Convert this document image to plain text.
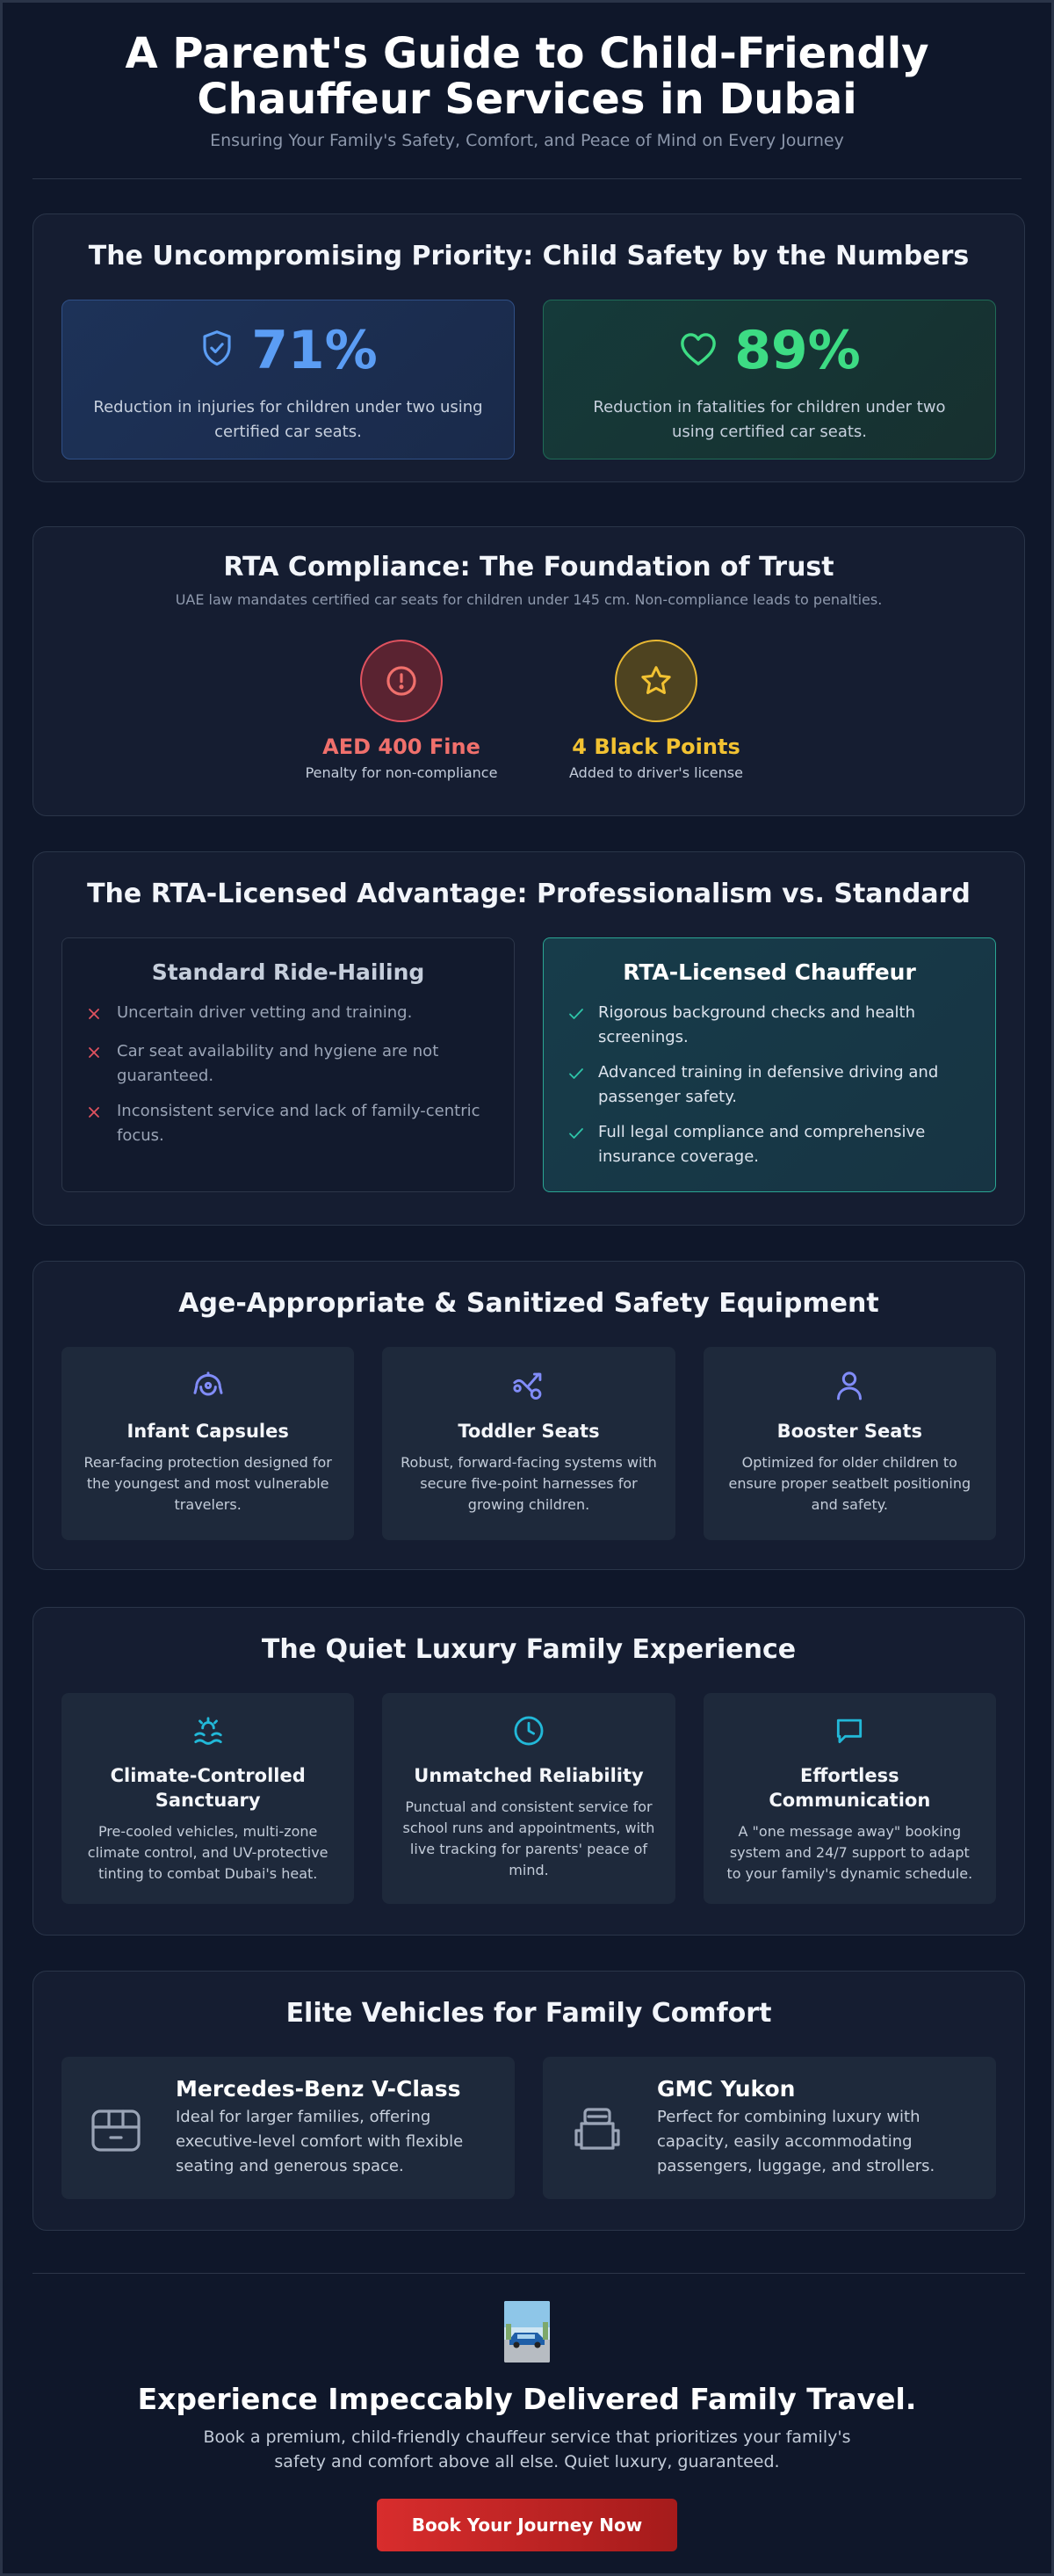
A Parent's Guide to Child-Friendly
Chauffeur Services in Dubai
Ensuring Your Family's Safety, Comfort, and Peace of Mind on Every Journey
The Uncompromising Priority: Child Safety by the Numbers
71%
Reduction in injuries for children under two using certified car seats.
89%
Reduction in fatalities for children under two using certified car seats.
RTA Compliance: The Foundation of Trust
UAE law mandates certified car seats for children under 145 cm. Non-compliance leads to penalties.
AED 400 Fine
Penalty for non-compliance
4 Black Points
Added to driver's license
The RTA-Licensed Advantage: Professionalism vs. Standard
Standard Ride-Hailing
Uncertain driver vetting and training.
Car seat availability and hygiene are not guaranteed.
Inconsistent service and lack of family-centric focus.
RTA-Licensed Chauffeur
Rigorous background checks and health screenings.
Advanced training in defensive driving and passenger safety.
Full legal compliance and comprehensive insurance coverage.
Age-Appropriate & Sanitized Safety Equipment
Infant Capsules
Rear-facing protection designed for the youngest and most vulnerable travelers.
Toddler Seats
Robust, forward-facing systems with secure five-point harnesses for growing children.
Booster Seats
Optimized for older children to ensure proper seatbelt positioning and safety.
The Quiet Luxury Family Experience
Climate-Controlled Sanctuary
Pre-cooled vehicles, multi-zone climate control, and UV-protective tinting to combat Dubai's heat.
Unmatched Reliability
Punctual and consistent service for school runs and appointments, with live tracking for parents' peace of mind.
Effortless Communication
A "one message away" booking system and 24/7 support to adapt to your family's dynamic schedule.
Elite Vehicles for Family Comfort
Mercedes-Benz V-Class
Ideal for larger families, offering executive-level comfort with flexible seating and generous space.
GMC Yukon
Perfect for combining luxury with capacity, easily accommodating passengers, luggage, and strollers.
Experience Impeccably Delivered Family Travel.
Book a premium, child-friendly chauffeur service that prioritizes your family's safety and comfort above all else. Quiet luxury, guaranteed.
Book Your Journey Now
